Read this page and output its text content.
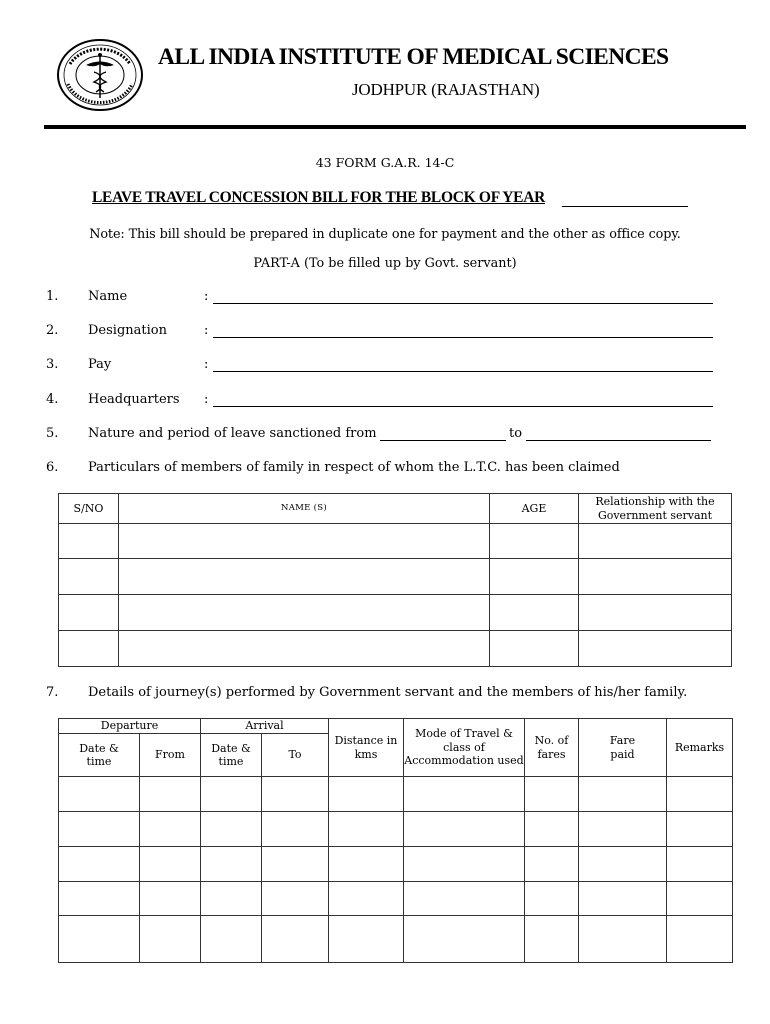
ALL INDIA INSTITUTE OF MEDICAL SCIENCES
JODHPUR (RAJASTHAN)
43 FORM G.A.R. 14-C
LEAVE TRAVEL CONCESSION BILL FOR THE BLOCK OF YEAR
Note: This bill should be prepared in duplicate one for payment and the other as office copy.
PART-A (To be filled up by Govt. servant)
1. Name	:
2. Designation	:
3. Pay	:
4. Headquarters :
5. Nature and period of leave sanctioned from	to
6. Particulars of members of family in respect of whom the L.T.C. has been claimed
S/NO	NAME (S)	AGE	Relationship with the Government servant

7. Details of journey(s) performed by Government servant and the members of his/her family.
Departure		Arrival		Distance in kms	Mode of Travel & class of Accommodation used	No. of fares	Fare paid	Remarks
Date & time	From	Date & time	To					
